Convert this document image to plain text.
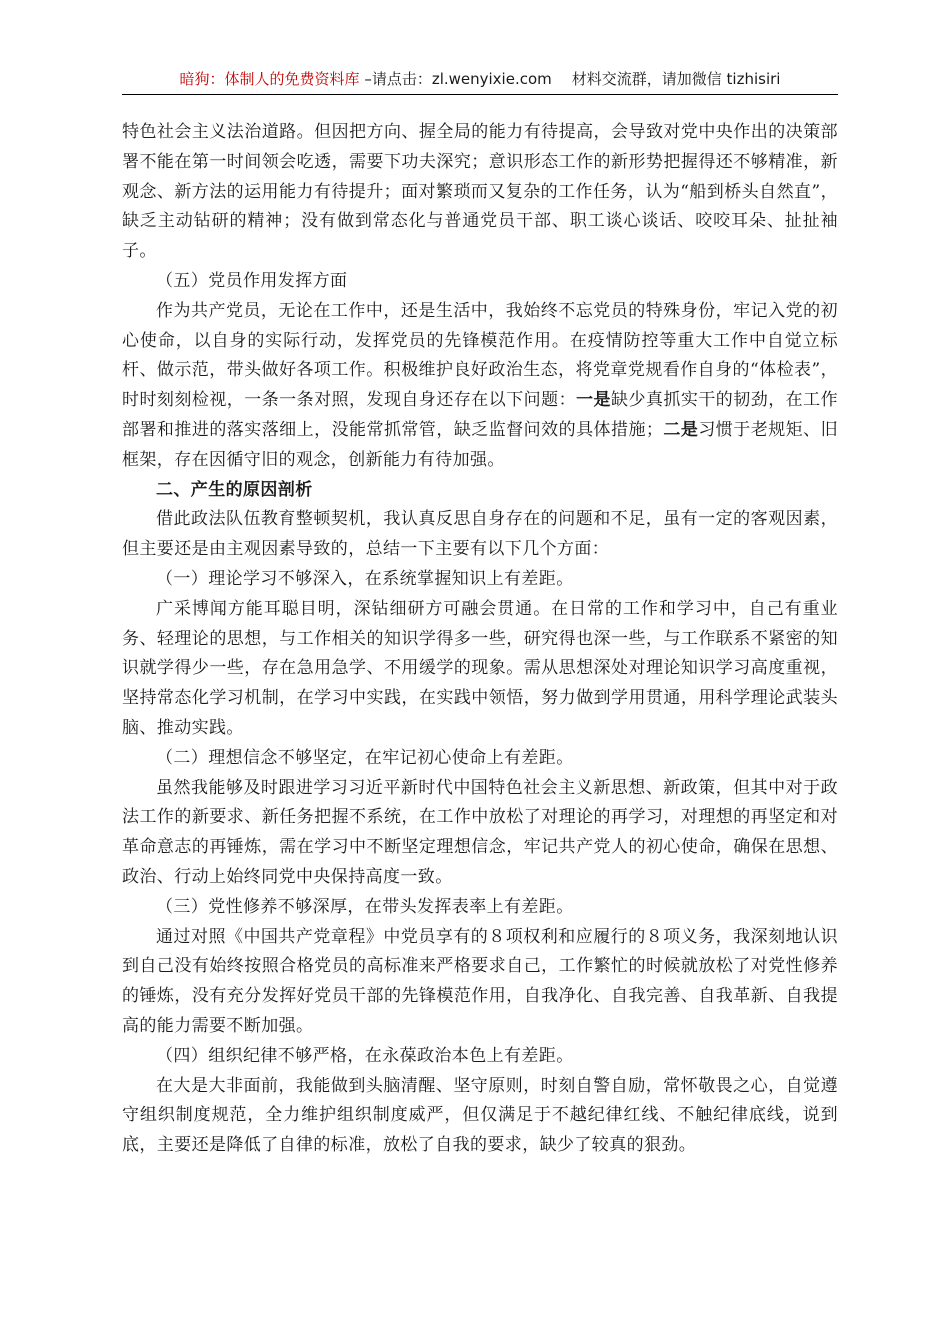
暗狗：体制人的免费资料库 –请点击：zl.wenyixie.com 材料交流群，请加微信 tizhisiri

特色社会主义法治道路。但因把方向、握全局的能力有待提高，会导致对党中央作出的决策部署不能在第一时间领会吃透，需要下功夫深究；意识形态工作的新形势把握得还不够精准，新观念、新方法的运用能力有待提升；面对繁琐而又复杂的工作任务，认为“船到桥头自然直”，缺乏主动钻研的精神；没有做到常态化与普通党员干部、职工谈心谈话、咬咬耳朵、扯扯袖子。

（五）党员作用发挥方面

作为共产党员，无论在工作中，还是生活中，我始终不忘党员的特殊身份，牢记入党的初心使命，以自身的实际行动，发挥党员的先锋模范作用。在疫情防控等重大工作中自觉立标杆、做示范，带头做好各项工作。积极维护良好政治生态，将党章党规看作自身的“体检表”，时时刻刻检视，一条一条对照，发现自身还存在以下问题：一是缺少真抓实干的韧劲，在工作部署和推进的落实落细上，没能常抓常管，缺乏监督问效的具体措施；二是习惯于老规矩、旧框架，存在因循守旧的观念，创新能力有待加强。

二、产生的原因剖析

借此政法队伍教育整顿契机，我认真反思自身存在的问题和不足，虽有一定的客观因素，但主要还是由主观因素导致的，总结一下主要有以下几个方面：

（一）理论学习不够深入，在系统掌握知识上有差距。

广采博闻方能耳聪目明，深钻细研方可融会贯通。在日常的工作和学习中，自己有重业务、轻理论的思想，与工作相关的知识学得多一些，研究得也深一些，与工作联系不紧密的知识就学得少一些，存在急用急学、不用缓学的现象。需从思想深处对理论知识学习高度重视，坚持常态化学习机制，在学习中实践，在实践中领悟，努力做到学用贯通，用科学理论武装头脑、推动实践。

（二）理想信念不够坚定，在牢记初心使命上有差距。

虽然我能够及时跟进学习习近平新时代中国特色社会主义新思想、新政策，但其中对于政法工作的新要求、新任务把握不系统，在工作中放松了对理论的再学习，对理想的再坚定和对革命意志的再锤炼，需在学习中不断坚定理想信念，牢记共产党人的初心使命，确保在思想、政治、行动上始终同党中央保持高度一致。

（三）党性修养不够深厚，在带头发挥表率上有差距。

通过对照《中国共产党章程》中党员享有的８项权利和应履行的８项义务，我深刻地认识到自己没有始终按照合格党员的高标准来严格要求自己，工作繁忙的时候就放松了对党性修养的锤炼，没有充分发挥好党员干部的先锋模范作用，自我净化、自我完善、自我革新、自我提高的能力需要不断加强。

（四）组织纪律不够严格，在永葆政治本色上有差距。

在大是大非面前，我能做到头脑清醒、坚守原则，时刻自警自励，常怀敬畏之心，自觉遵守组织制度规范，全力维护组织制度威严，但仅满足于不越纪律红线、不触纪律底线，说到底，主要还是降低了自律的标准，放松了自我的要求，缺少了较真的狠劲。
